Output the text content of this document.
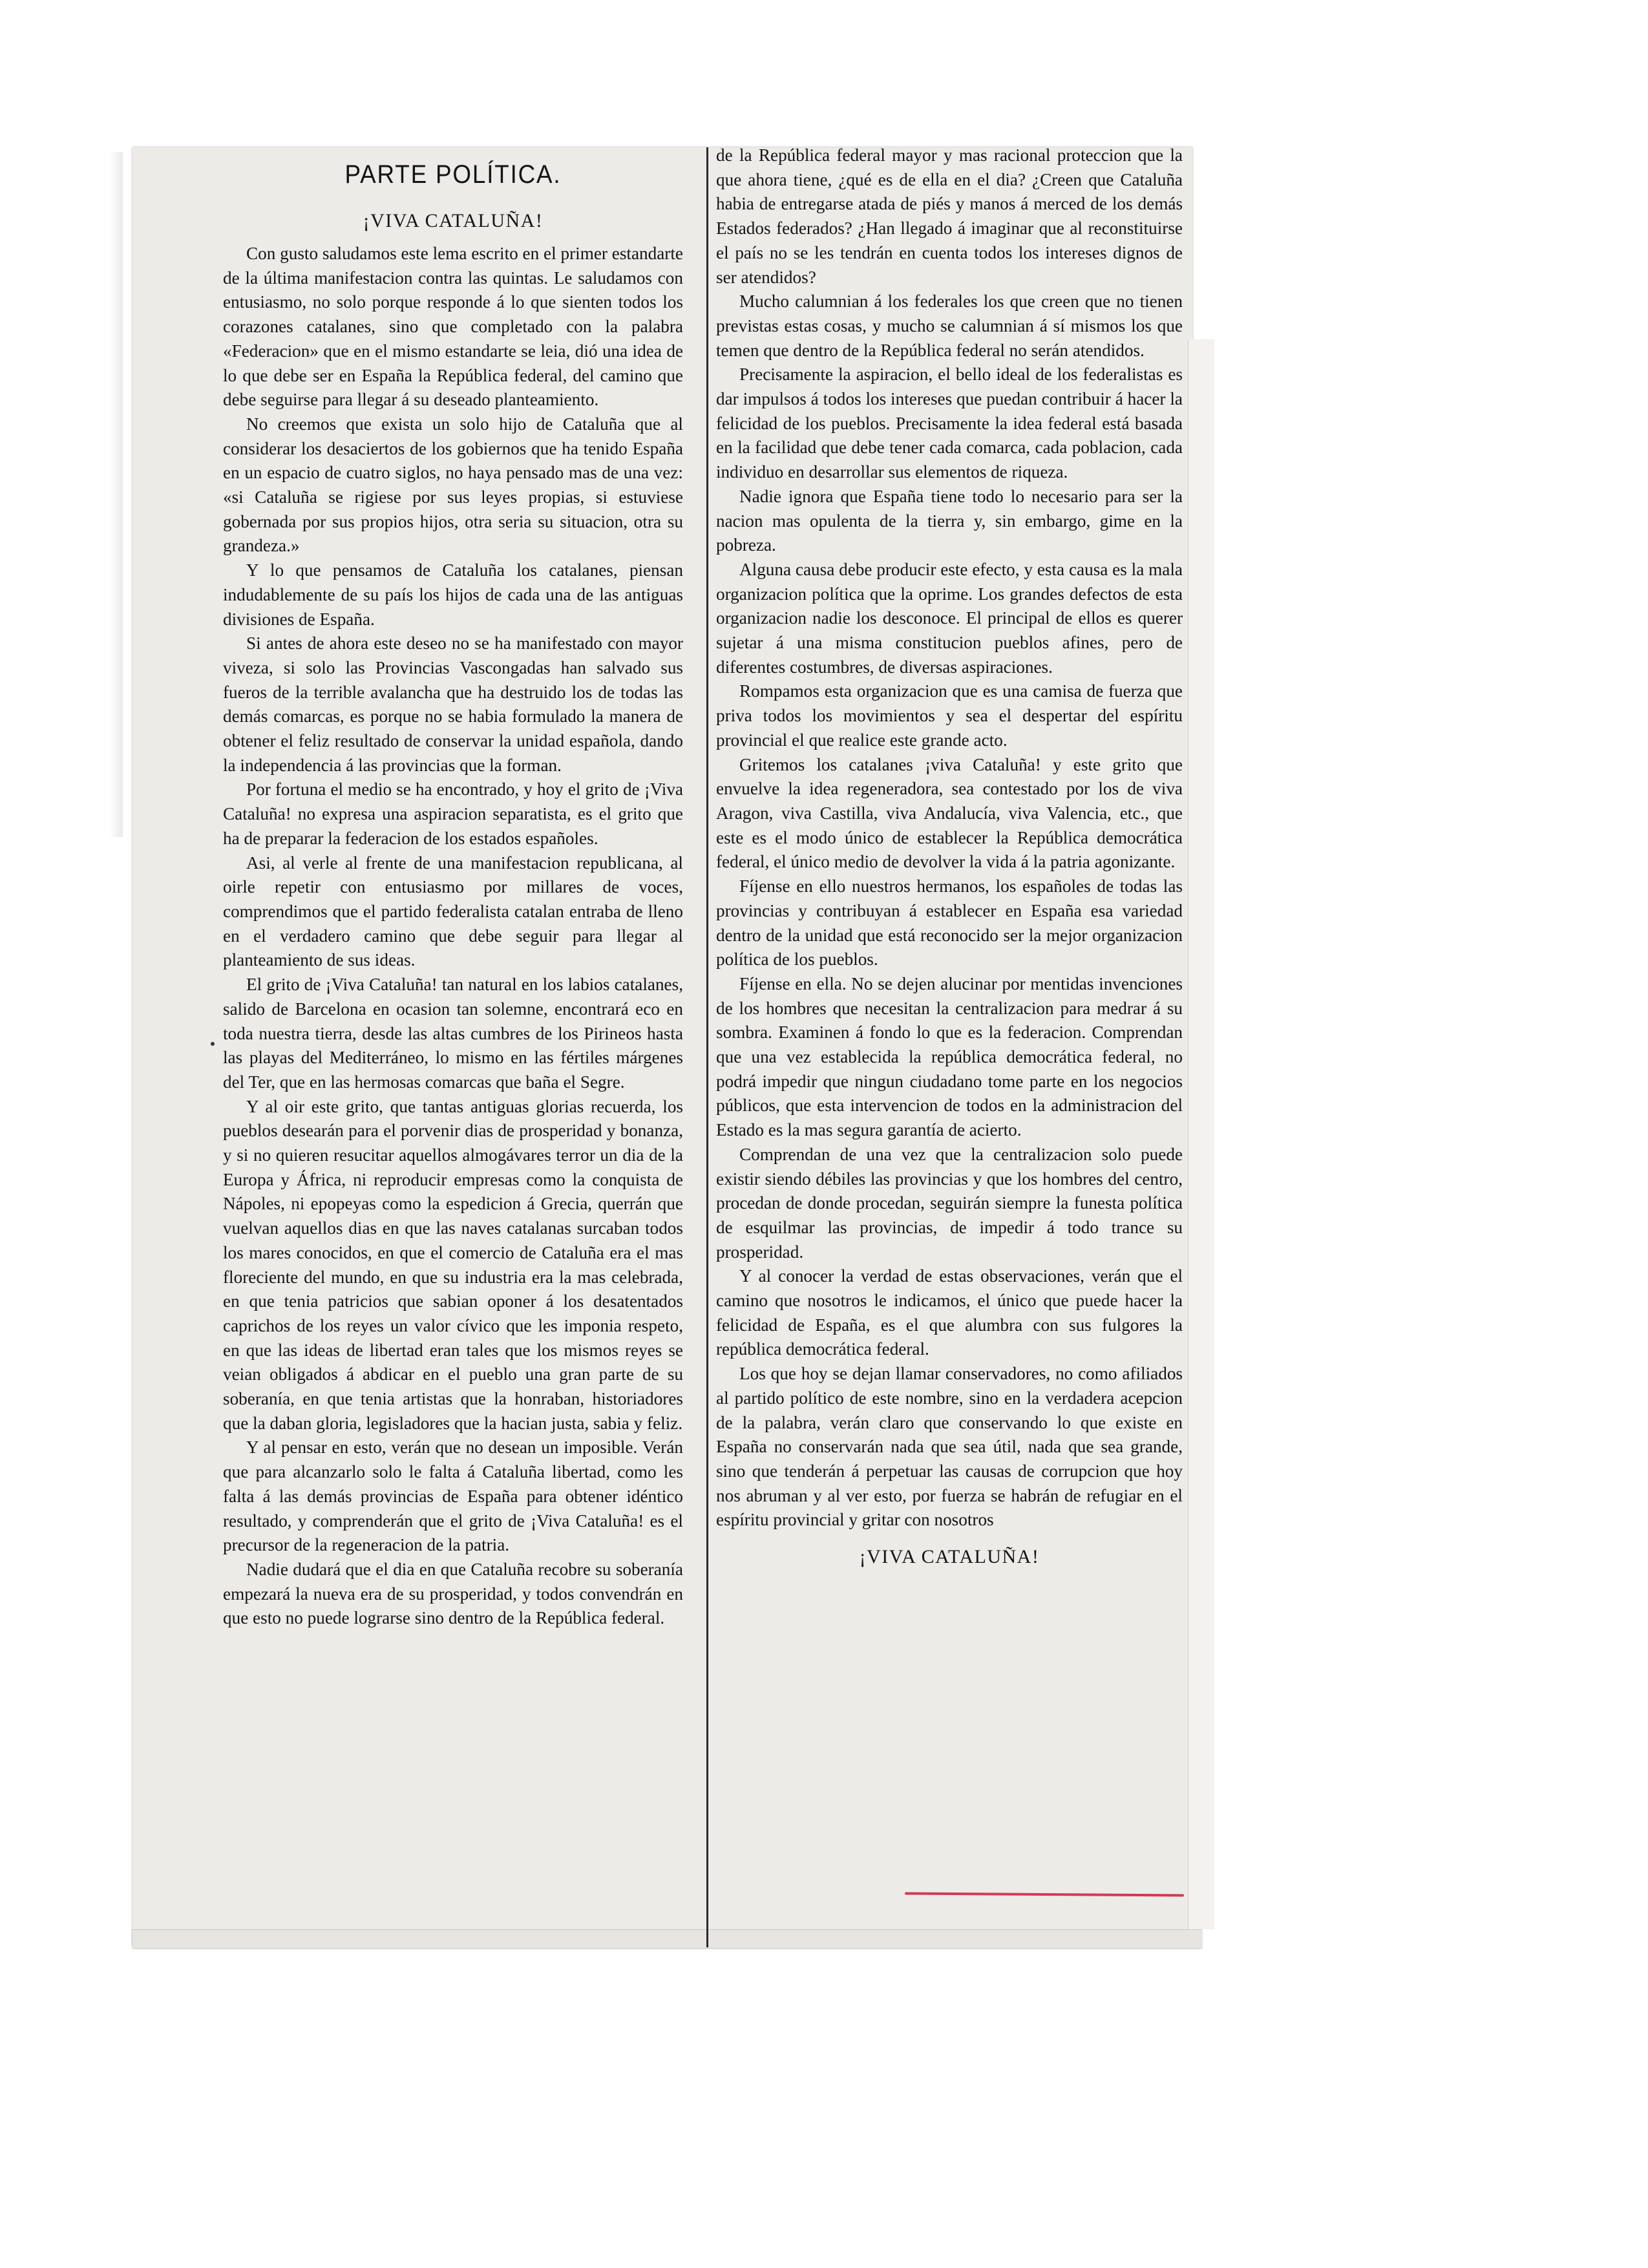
PARTE POLÍTICA.
¡VIVA CATALUÑA!

Con gusto saludamos este lema escrito en el primer estandarte de la última manifestacion contra las quintas. Le saludamos con entusiasmo, no solo porque responde á lo que sienten todos los corazones catalanes, sino que completado con la palabra «Federacion» que en el mismo estandarte se leia, dió una idea de lo que debe ser en España la República federal, del camino que debe seguirse para llegar á su deseado planteamiento.

No creemos que exista un solo hijo de Cataluña que al considerar los desaciertos de los gobiernos que ha tenido España en un espacio de cuatro siglos, no haya pensado mas de una vez: «si Cataluña se rigiese por sus leyes propias, si estuviese gobernada por sus propios hijos, otra seria su situacion, otra su grandeza.»

Y lo que pensamos de Cataluña los catalanes, piensan indudablemente de su país los hijos de cada una de las antiguas divisiones de España.

Si antes de ahora este deseo no se ha manifestado con mayor viveza, si solo las Provincias Vascongadas han salvado sus fueros de la terrible avalancha que ha destruido los de todas las demás comarcas, es porque no se habia formulado la manera de obtener el feliz resultado de conservar la unidad española, dando la independencia á las provincias que la forman.

Por fortuna el medio se ha encontrado, y hoy el grito de ¡Viva Cataluña! no expresa una aspiracion separatista, es el grito que ha de preparar la federacion de los estados españoles.

Asi, al verle al frente de una manifestacion republicana, al oirle repetir con entusiasmo por millares de voces, comprendimos que el partido federalista catalan entraba de lleno en el verdadero camino que debe seguir para llegar al planteamiento de sus ideas.

El grito de ¡Viva Cataluña! tan natural en los labios catalanes, salido de Barcelona en ocasion tan solemne, encontrará eco en toda nuestra tierra, desde las altas cumbres de los Pirineos hasta las playas del Mediterráneo, lo mismo en las fértiles márgenes del Ter, que en las hermosas comarcas que baña el Segre.

Y al oir este grito, que tantas antiguas glorias recuerda, los pueblos desearán para el porvenir dias de prosperidad y bonanza, y si no quieren resucitar aquellos almogávares terror un dia de la Europa y África, ni reproducir empresas como la conquista de Nápoles, ni epopeyas como la espedicion á Grecia, querrán que vuelvan aquellos dias en que las naves catalanas surcaban todos los mares conocidos, en que el comercio de Cataluña era el mas floreciente del mundo, en que su industria era la mas celebrada, en que tenia patricios que sabian oponer á los desatentados caprichos de los reyes un valor cívico que les imponia respeto, en que las ideas de libertad eran tales que los mismos reyes se veian obligados á abdicar en el pueblo una gran parte de su soberanía, en que tenia artistas que la honraban, historiadores que la daban gloria, legisladores que la hacian justa, sabia y feliz.

Y al pensar en esto, verán que no desean un imposible. Verán que para alcanzarlo solo le falta á Cataluña libertad, como les falta á las demás provincias de España para obtener idéntico resultado, y comprenderán que el grito de ¡Viva Cataluña! es el precursor de la regeneracion de la patria.

Nadie dudará que el dia en que Cataluña recobre su soberanía empezará la nueva era de su prosperidad, y todos convendrán en que esto no puede lograrse sino dentro de la República federal.

de la República federal mayor y mas racional proteccion que la que ahora tiene, ¿qué es de ella en el dia? ¿Creen que Cataluña habia de entregarse atada de piés y manos á merced de los demás Estados federados? ¿Han llegado á imaginar que al reconstituirse el país no se les tendrán en cuenta todos los intereses dignos de ser atendidos?

Mucho calumnian á los federales los que creen que no tienen previstas estas cosas, y mucho se calumnian á sí mismos los que temen que dentro de la República federal no serán atendidos.

Precisamente la aspiracion, el bello ideal de los federalistas es dar impulsos á todos los intereses que puedan contribuir á hacer la felicidad de los pueblos. Precisamente la idea federal está basada en la facilidad que debe tener cada comarca, cada poblacion, cada individuo en desarrollar sus elementos de riqueza.

Nadie ignora que España tiene todo lo necesario para ser la nacion mas opulenta de la tierra y, sin embargo, gime en la pobreza.

Alguna causa debe producir este efecto, y esta causa es la mala organizacion política que la oprime. Los grandes defectos de esta organizacion nadie los desconoce. El principal de ellos es querer sujetar á una misma constitucion pueblos afines, pero de diferentes costumbres, de diversas aspiraciones.

Rompamos esta organizacion que es una camisa de fuerza que priva todos los movimientos y sea el despertar del espíritu provincial el que realice este grande acto.

Gritemos los catalanes ¡viva Cataluña! y este grito que envuelve la idea regeneradora, sea contestado por los de viva Aragon, viva Castilla, viva Andalucía, viva Valencia, etc., que este es el modo único de establecer la República democrática federal, el único medio de devolver la vida á la patria agonizante.

Fíjense en ello nuestros hermanos, los españoles de todas las provincias y contribuyan á establecer en España esa variedad dentro de la unidad que está reconocido ser la mejor organizacion política de los pueblos.

Fíjense en ella. No se dejen alucinar por mentidas invenciones de los hombres que necesitan la centralizacion para medrar á su sombra. Examinen á fondo lo que es la federacion. Comprendan que una vez establecida la república democrática federal, no podrá impedir que ningun ciudadano tome parte en los negocios públicos, que esta intervencion de todos en la administracion del Estado es la mas segura garantía de acierto.

Comprendan de una vez que la centralizacion solo puede existir siendo débiles las provincias y que los hombres del centro, procedan de donde procedan, seguirán siempre la funesta política de esquilmar las provincias, de impedir á todo trance su prosperidad.

Y al conocer la verdad de estas observaciones, verán que el camino que nosotros le indicamos, el único que puede hacer la felicidad de España, es el que alumbra con sus fulgores la república democrática federal.

Los que hoy se dejan llamar conservadores, no como afiliados al partido político de este nombre, sino en la verdadera acepcion de la palabra, verán claro que conservando lo que existe en España no conservarán nada que sea útil, nada que sea grande, sino que tenderán á perpetuar las causas de corrupcion que hoy nos abruman y al ver esto, por fuerza se habrán de refugiar en el espíritu provincial y gritar con nosotros

¡VIVA CATALUÑA!
